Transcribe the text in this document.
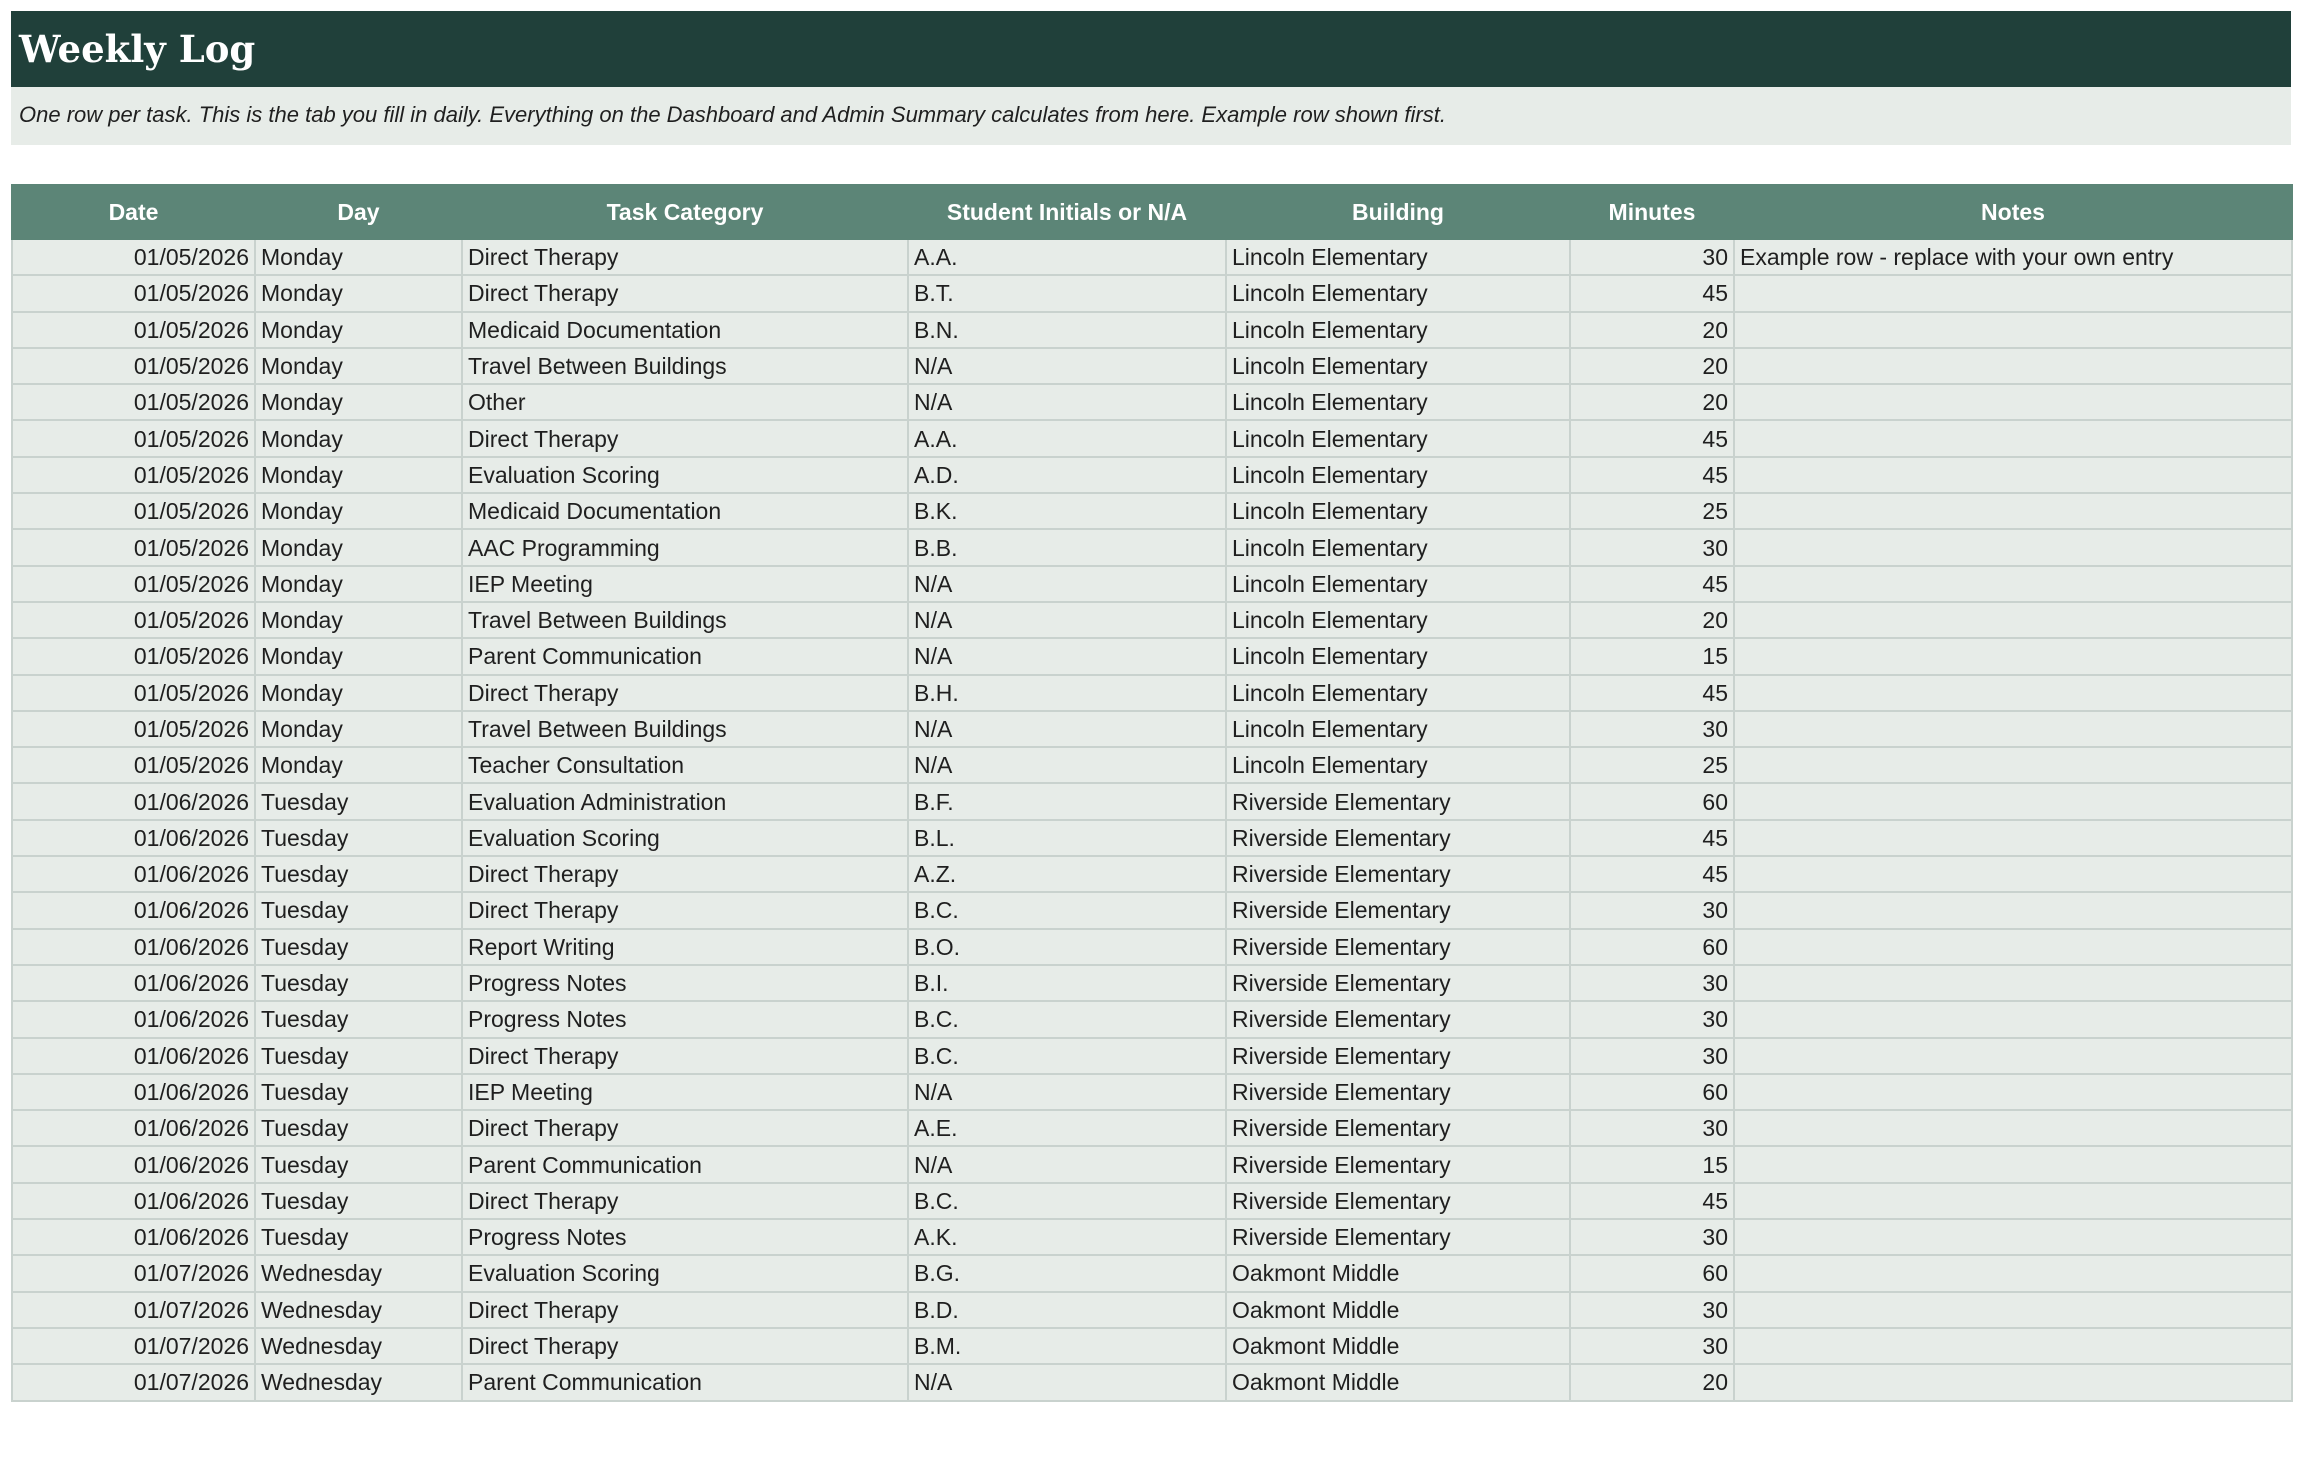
Weekly Log
One row per task. This is the tab you fill in daily. Everything on the Dashboard and Admin Summary calculates from here. Example row shown first.
Date	Day	Task Category	Student Initials or N/A	Building	Minutes	Notes
01/05/2026	Monday	Direct Therapy	A.A.	Lincoln Elementary	30	Example row - replace with your own entry
01/05/2026	Monday	Direct Therapy	B.T.	Lincoln Elementary	45	
01/05/2026	Monday	Medicaid Documentation	B.N.	Lincoln Elementary	20	
01/05/2026	Monday	Travel Between Buildings	N/A	Lincoln Elementary	20	
01/05/2026	Monday	Other	N/A	Lincoln Elementary	20	
01/05/2026	Monday	Direct Therapy	A.A.	Lincoln Elementary	45	
01/05/2026	Monday	Evaluation Scoring	A.D.	Lincoln Elementary	45	
01/05/2026	Monday	Medicaid Documentation	B.K.	Lincoln Elementary	25	
01/05/2026	Monday	AAC Programming	B.B.	Lincoln Elementary	30	
01/05/2026	Monday	IEP Meeting	N/A	Lincoln Elementary	45	
01/05/2026	Monday	Travel Between Buildings	N/A	Lincoln Elementary	20	
01/05/2026	Monday	Parent Communication	N/A	Lincoln Elementary	15	
01/05/2026	Monday	Direct Therapy	B.H.	Lincoln Elementary	45	
01/05/2026	Monday	Travel Between Buildings	N/A	Lincoln Elementary	30	
01/05/2026	Monday	Teacher Consultation	N/A	Lincoln Elementary	25	
01/06/2026	Tuesday	Evaluation Administration	B.F.	Riverside Elementary	60	
01/06/2026	Tuesday	Evaluation Scoring	B.L.	Riverside Elementary	45	
01/06/2026	Tuesday	Direct Therapy	A.Z.	Riverside Elementary	45	
01/06/2026	Tuesday	Direct Therapy	B.C.	Riverside Elementary	30	
01/06/2026	Tuesday	Report Writing	B.O.	Riverside Elementary	60	
01/06/2026	Tuesday	Progress Notes	B.I.	Riverside Elementary	30	
01/06/2026	Tuesday	Progress Notes	B.C.	Riverside Elementary	30	
01/06/2026	Tuesday	Direct Therapy	B.C.	Riverside Elementary	30	
01/06/2026	Tuesday	IEP Meeting	N/A	Riverside Elementary	60	
01/06/2026	Tuesday	Direct Therapy	A.E.	Riverside Elementary	30	
01/06/2026	Tuesday	Parent Communication	N/A	Riverside Elementary	15	
01/06/2026	Tuesday	Direct Therapy	B.C.	Riverside Elementary	45	
01/06/2026	Tuesday	Progress Notes	A.K.	Riverside Elementary	30	
01/07/2026	Wednesday	Evaluation Scoring	B.G.	Oakmont Middle	60	
01/07/2026	Wednesday	Direct Therapy	B.D.	Oakmont Middle	30	
01/07/2026	Wednesday	Direct Therapy	B.M.	Oakmont Middle	30	
01/07/2026	Wednesday	Parent Communication	N/A	Oakmont Middle	20	
